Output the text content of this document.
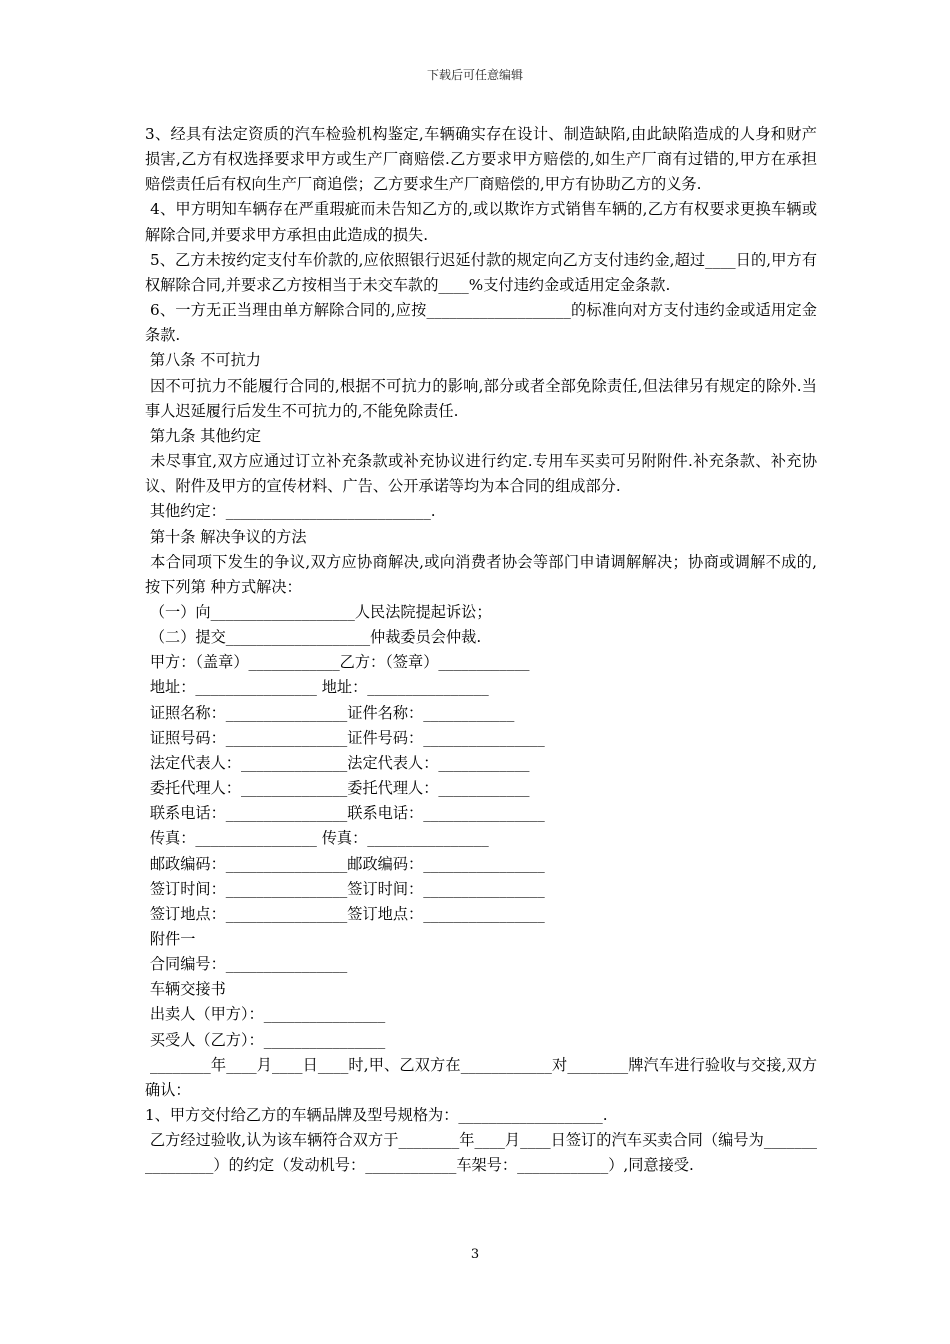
下载后可任意编辑

3、经具有法定资质的汽车检验机构鉴定,车辆确实存在设计、制造缺陷,由此缺陷造成的人身和财产损害,乙方有权选择要求甲方或生产厂商赔偿.乙方要求甲方赔偿的,如生产厂商有过错的,甲方在承担赔偿责任后有权向生产厂商追偿；乙方要求生产厂商赔偿的,甲方有协助乙方的义务.

4、甲方明知车辆存在严重瑕疵而未告知乙方的,或以欺诈方式销售车辆的,乙方有权要求更换车辆或解除合同,并要求甲方承担由此造成的损失.

5、乙方未按约定支付车价款的,应依照银行迟延付款的规定向乙方支付违约金,超过____日的,甲方有权解除合同,并要求乙方按相当于未交车款的____%支付违约金或适用定金条款.

6、一方无正当理由单方解除合同的,应按___________________的标准向对方支付违约金或适用定金条款.

第八条 不可抗力

因不可抗力不能履行合同的,根据不可抗力的影响,部分或者全部免除责任,但法律另有规定的除外.当事人迟延履行后发生不可抗力的,不能免除责任.

第九条 其他约定

未尽事宜,双方应通过订立补充条款或补充协议进行约定.专用车买卖可另附附件.补充条款、补充协议、附件及甲方的宣传材料、广告、公开承诺等均为本合同的组成部分.

其他约定：___________________________.

第十条 解决争议的方法

本合同项下发生的争议,双方应协商解决,或向消费者协会等部门申请调解解决；协商或调解不成的,按下列第 种方式解决：

（一）向___________________人民法院提起诉讼；

（二）提交___________________仲裁委员会仲裁.

甲方：（盖章）____________乙方：（签章）____________

地址：________________ 地址：________________

证照名称：________________证件名称：____________

证照号码：________________证件号码：________________

法定代表人：______________法定代表人：____________

委托代理人：______________委托代理人：____________

联系电话：________________联系电话：________________

传真：________________ 传真：________________

邮政编码：________________邮政编码：________________

签订时间：________________签订时间：________________

签订地点：________________签订地点：________________

附件一

合同编号：________________

车辆交接书

出卖人（甲方）：________________

买受人（乙方）：________________

________年____月____日____时,甲、乙双方在____________对________牌汽车进行验收与交接,双方确认：

1、甲方交付给乙方的车辆品牌及型号规格为：___________________.

乙方经过验收,认为该车辆符合双方于________年____月____日签订的汽车买卖合同（编号为________________）的约定（发动机号：____________车架号：____________）,同意接受.

3
